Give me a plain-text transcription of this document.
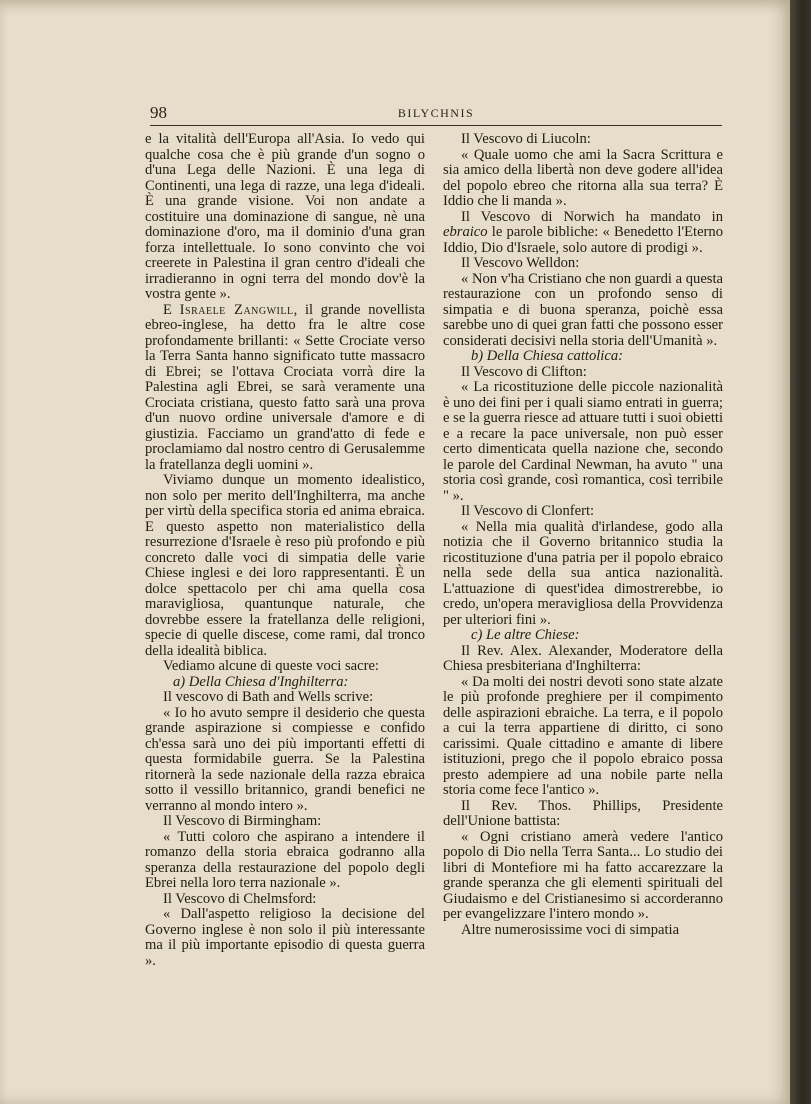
98	BILYCHNIS

e la vitalità dell'Europa all'Asia. Io vedo qui qualche cosa che è più grande d'un sogno o d'una Lega delle Nazioni. È una lega di Continenti, una lega di razze, una lega d'ideali. È una grande visione. Voi non andate a costituire una dominazione di sangue, nè una dominazione d'oro, ma il dominio d'una gran forza intellettuale. Io sono convinto che voi creerete in Palestina il gran centro d'ideali che irradieranno in ogni terra del mondo dov'è la vostra gente ».

E Israele Zangwill, il grande novellista ebreo-inglese, ha detto fra le altre cose profondamente brillanti: « Sette Crociate verso la Terra Santa hanno significato tutte massacro di Ebrei; se l'ottava Crociata vorrà dire la Palestina agli Ebrei, se sarà veramente una Crociata cristiana, questo fatto sarà una prova d'un nuovo ordine universale d'amore e di giustizia. Facciamo un grand'atto di fede e proclamiamo dal nostro centro di Gerusalemme la fratellanza degli uomini ».

Viviamo dunque un momento idealistico, non solo per merito dell'Inghilterra, ma anche per virtù della specifica storia ed anima ebraica. E questo aspetto non materialistico della resurrezione d'Israele è reso più profondo e più concreto dalle voci di simpatia delle varie Chiese inglesi e dei loro rappresentanti. È un dolce spettacolo per chi ama quella cosa maravigliosa, quantunque naturale, che dovrebbe essere la fratellanza delle religioni, specie di quelle discese, come rami, dal tronco della idealità biblica.

Vediamo alcune di queste voci sacre:

a) Della Chiesa d'Inghilterra:

Il vescovo di Bath and Wells scrive:

« Io ho avuto sempre il desiderio che questa grande aspirazione si compiesse e confido ch'essa sarà uno dei più importanti effetti di questa formidabile guerra. Se la Palestina ritornerà la sede nazionale della razza ebraica sotto il vessillo britannico, grandi benefici ne verranno al mondo intero ».

Il Vescovo di Birmingham:

« Tutti coloro che aspirano a intendere il romanzo della storia ebraica godranno alla speranza della restaurazione del popolo degli Ebrei nella loro terra nazionale ».

Il Vescovo di Chelmsford:

« Dall'aspetto religioso la decisione del Governo inglese è non solo il più interessante ma il più importante episodio di questa guerra ».

Il Vescovo di Liucoln:

« Quale uomo che ami la Sacra Scrittura e sia amico della libertà non deve godere all'idea del popolo ebreo che ritorna alla sua terra? È Iddio che li manda ».

Il Vescovo di Norwich ha mandato in ebraico le parole bibliche: « Benedetto l'Eterno Iddio, Dio d'Israele, solo autore di prodigi ».

Il Vescovo Welldon:

« Non v'ha Cristiano che non guardi a questa restaurazione con un profondo senso di simpatia e di buona speranza, poichè essa sarebbe uno di quei gran fatti che possono esser considerati decisivi nella storia dell'Umanità ».

b) Della Chiesa cattolica:

Il Vescovo di Clifton:

« La ricostituzione delle piccole nazionalità è uno dei fini per i quali siamo entrati in guerra; e se la guerra riesce ad attuare tutti i suoi obietti e a recare la pace universale, non può esser certo dimenticata quella nazione che, secondo le parole del Cardinal Newman, ha avuto " una storia così grande, così romantica, così terribile " ».

Il Vescovo di Clonfert:

« Nella mia qualità d'irlandese, godo alla notizia che il Governo britannico studia la ricostituzione d'una patria per il popolo ebraico nella sede della sua antica nazionalità. L'attuazione di quest'idea dimostrerebbe, io credo, un'opera meravigliosa della Provvidenza per ulteriori fini ».

c) Le altre Chiese:

Il Rev. Alex. Alexander, Moderatore della Chiesa presbiteriana d'Inghilterra:

« Da molti dei nostri devoti sono state alzate le più profonde preghiere per il compimento delle aspirazioni ebraiche. La terra, e il popolo a cui la terra appartiene di diritto, ci sono carissimi. Quale cittadino e amante di libere istituzioni, prego che il popolo ebraico possa presto adempiere ad una nobile parte nella storia come fece l'antico ».

Il Rev. Thos. Phillips, Presidente dell'Unione battista:

« Ogni cristiano amerà vedere l'antico popolo di Dio nella Terra Santa... Lo studio dei libri di Montefiore mi ha fatto accarezzare la grande speranza che gli elementi spirituali del Giudaismo e del Cristianesimo si accorderanno per evangelizzare l'intero mondo ».

Altre numerosissime voci di simpatia
